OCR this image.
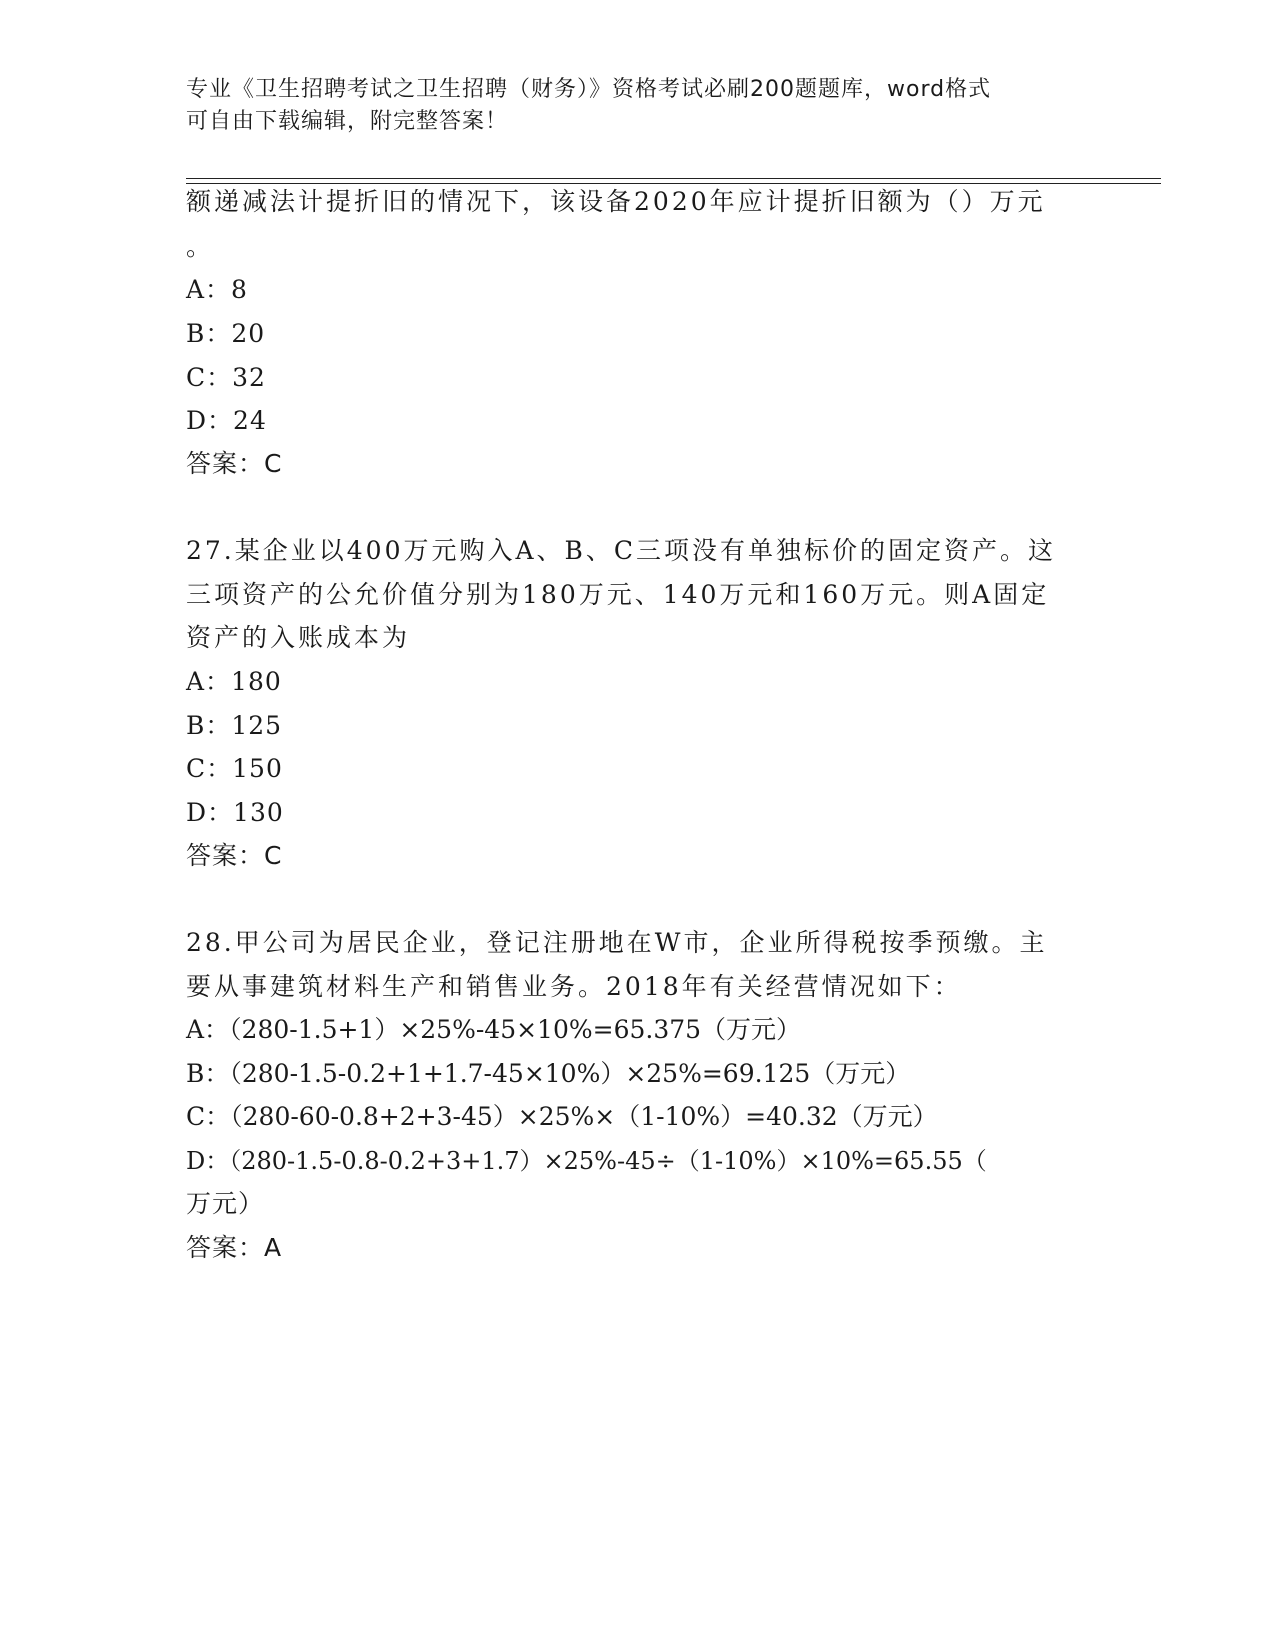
专业《卫生招聘考试之卫生招聘（财务）》资格考试必刷200题题库，word格式
可自由下载编辑，附完整答案！
额递减法计提折旧的情况下，该设备2020年应计提折旧额为（）万元
。
A：8
B：20
C：32
D：24
答案：C
27.某企业以400万元购入A、B、C三项没有单独标价的固定资产。这
三项资产的公允价值分别为180万元、140万元和160万元。则A固定
资产的入账成本为
A：180
B：125
C：150
D：130
答案：C
28.甲公司为居民企业，登记注册地在W市，企业所得税按季预缴。主
要从事建筑材料生产和销售业务。2018年有关经营情况如下：
A：（280-1.5+1）×25%-45×10%=65.375（万元）
B：（280-1.5-0.2+1+1.7-45×10%）×25%=69.125（万元）
C：（280-60-0.8+2+3-45）×25%×（1-10%）=40.32（万元）
D：（280-1.5-0.8-0.2+3+1.7）×25%-45÷（1-10%）×10%=65.55（
万元）
答案：A
